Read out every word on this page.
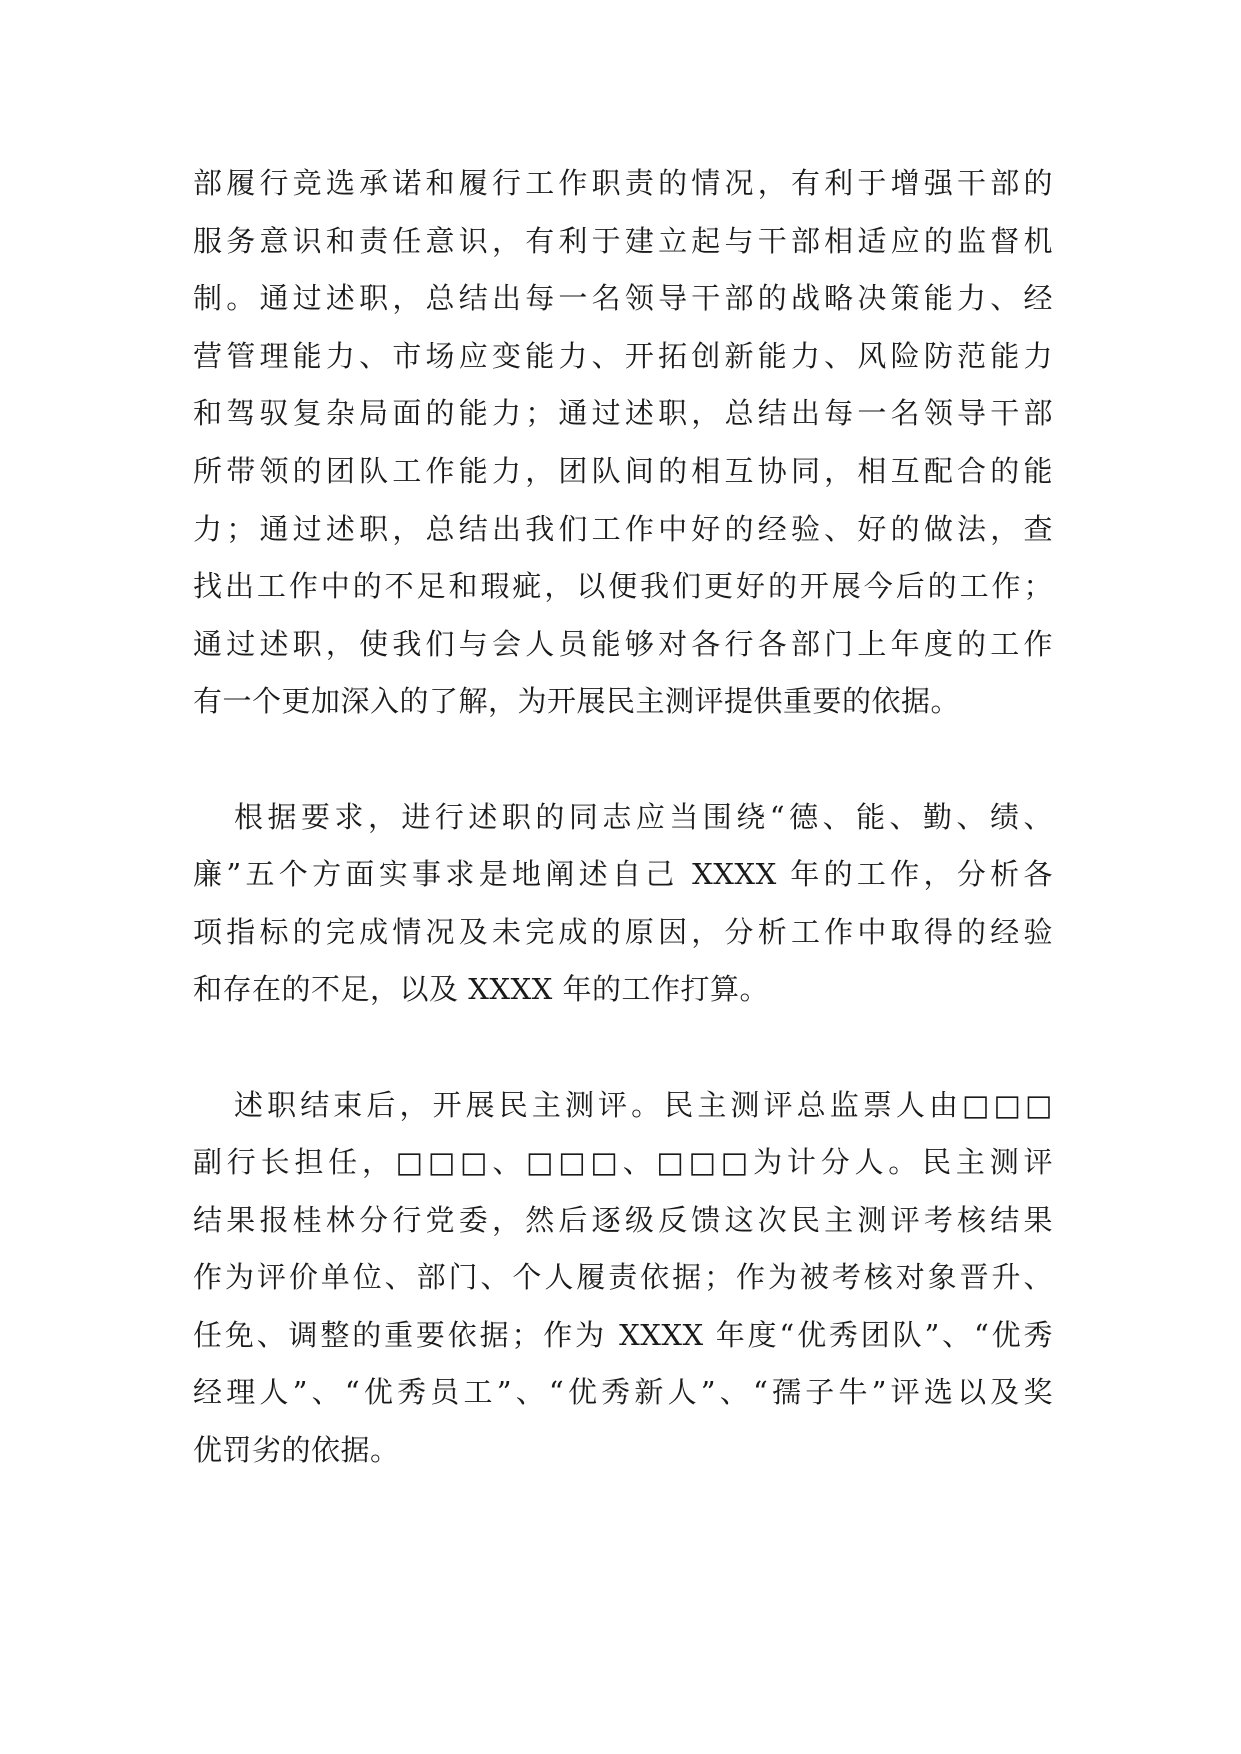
部履行竞选承诺和履行工作职责的情况，有利于增强干部的
服务意识和责任意识，有利于建立起与干部相适应的监督机
制。通过述职，总结出每一名领导干部的战略决策能力、经
营管理能力、市场应变能力、开拓创新能力、风险防范能力
和驾驭复杂局面的能力；通过述职，总结出每一名领导干部
所带领的团队工作能力，团队间的相互协同，相互配合的能
力；通过述职，总结出我们工作中好的经验、好的做法，查
找出工作中的不足和瑕疵，以便我们更好的开展今后的工作；
通过述职，使我们与会人员能够对各行各部门上年度的工作
有一个更加深入的了解，为开展民主测评提供重要的依据。
根据要求，进行述职的同志应当围绕“德、能、勤、绩、
廉”五个方面实事求是地阐述自己 XXXX 年的工作，分析各
项指标的完成情况及未完成的原因，分析工作中取得的经验
和存在的不足，以及 XXXX 年的工作打算。
述职结束后，开展民主测评。民主测评总监票人由□□□
副行长担任，□□□、□□□、□□□为计分人。民主测评
结果报桂林分行党委，然后逐级反馈这次民主测评考核结果
作为评价单位、部门、个人履责依据；作为被考核对象晋升、
任免、调整的重要依据；作为 XXXX 年度“优秀团队”、“优秀
经理人”、“优秀员工”、“优秀新人”、“孺子牛”评选以及奖
优罚劣的依据。
